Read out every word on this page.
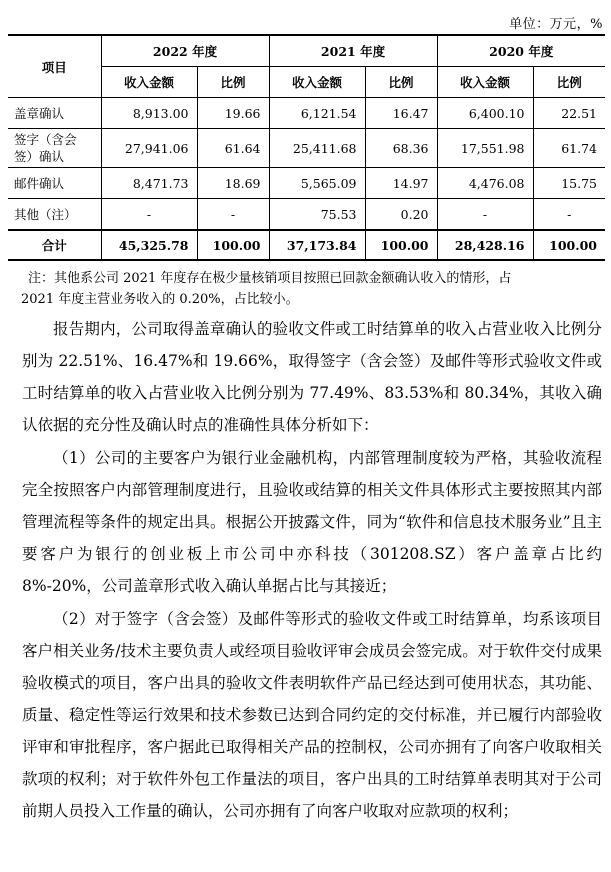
单位：万元，%
项目	2022 年度		2021 年度		2020 年度	
	收入金额	比例	收入金额	比例	收入金额	比例
盖章确认	8,913.00	19.66	6,121.54	16.47	6,400.10	22.51
签字（含会签）确认	27,941.06	61.64	25,411.68	68.36	17,551.98	61.74
邮件确认	8,471.73	18.69	5,565.09	14.97	4,476.08	15.75
其他（注）	-	-	75.53	0.20	-	-
合计	45,325.78	100.00	37,173.84	100.00	28,428.16	100.00
注：其他系公司 2021 年度存在极少量核销项目按照已回款金额确认收入的情形，占
2021 年度主营业务收入的 0.20%，占比较小。

报告期内，公司取得盖章确认的验收文件或工时结算单的收入占营业收入比例分别为 22.51%、16.47%和 19.66%，取得签字（含会签）及邮件等形式验收文件或工时结算单的收入占营业收入比例分别为 77.49%、83.53%和 80.34%，其收入确认依据的充分性及确认时点的准确性具体分析如下：

（1）公司的主要客户为银行业金融机构，内部管理制度较为严格，其验收流程完全按照客户内部管理制度进行，且验收或结算的相关文件具体形式主要按照其内部管理流程等条件的规定出具。根据公开披露文件，同为“软件和信息技术服务业”且主要客户为银行的创业板上市公司中亦科技（301208.SZ）客户盖章占比约 8%-20%，公司盖章形式收入确认单据占比与其接近；

（2）对于签字（含会签）及邮件等形式的验收文件或工时结算单，均系该项目客户相关业务/技术主要负责人或经项目验收评审会成员会签完成。对于软件交付成果验收模式的项目，客户出具的验收文件表明软件产品已经达到可使用状态，其功能、质量、稳定性等运行效果和技术参数已达到合同约定的交付标准，并已履行内部验收评审和审批程序，客户据此已取得相关产品的控制权，公司亦拥有了向客户收取相关款项的权利；对于软件外包工作量法的项目，客户出具的工时结算单表明其对于公司前期人员投入工作量的确认，公司亦拥有了向客户收取对应款项的权利；
